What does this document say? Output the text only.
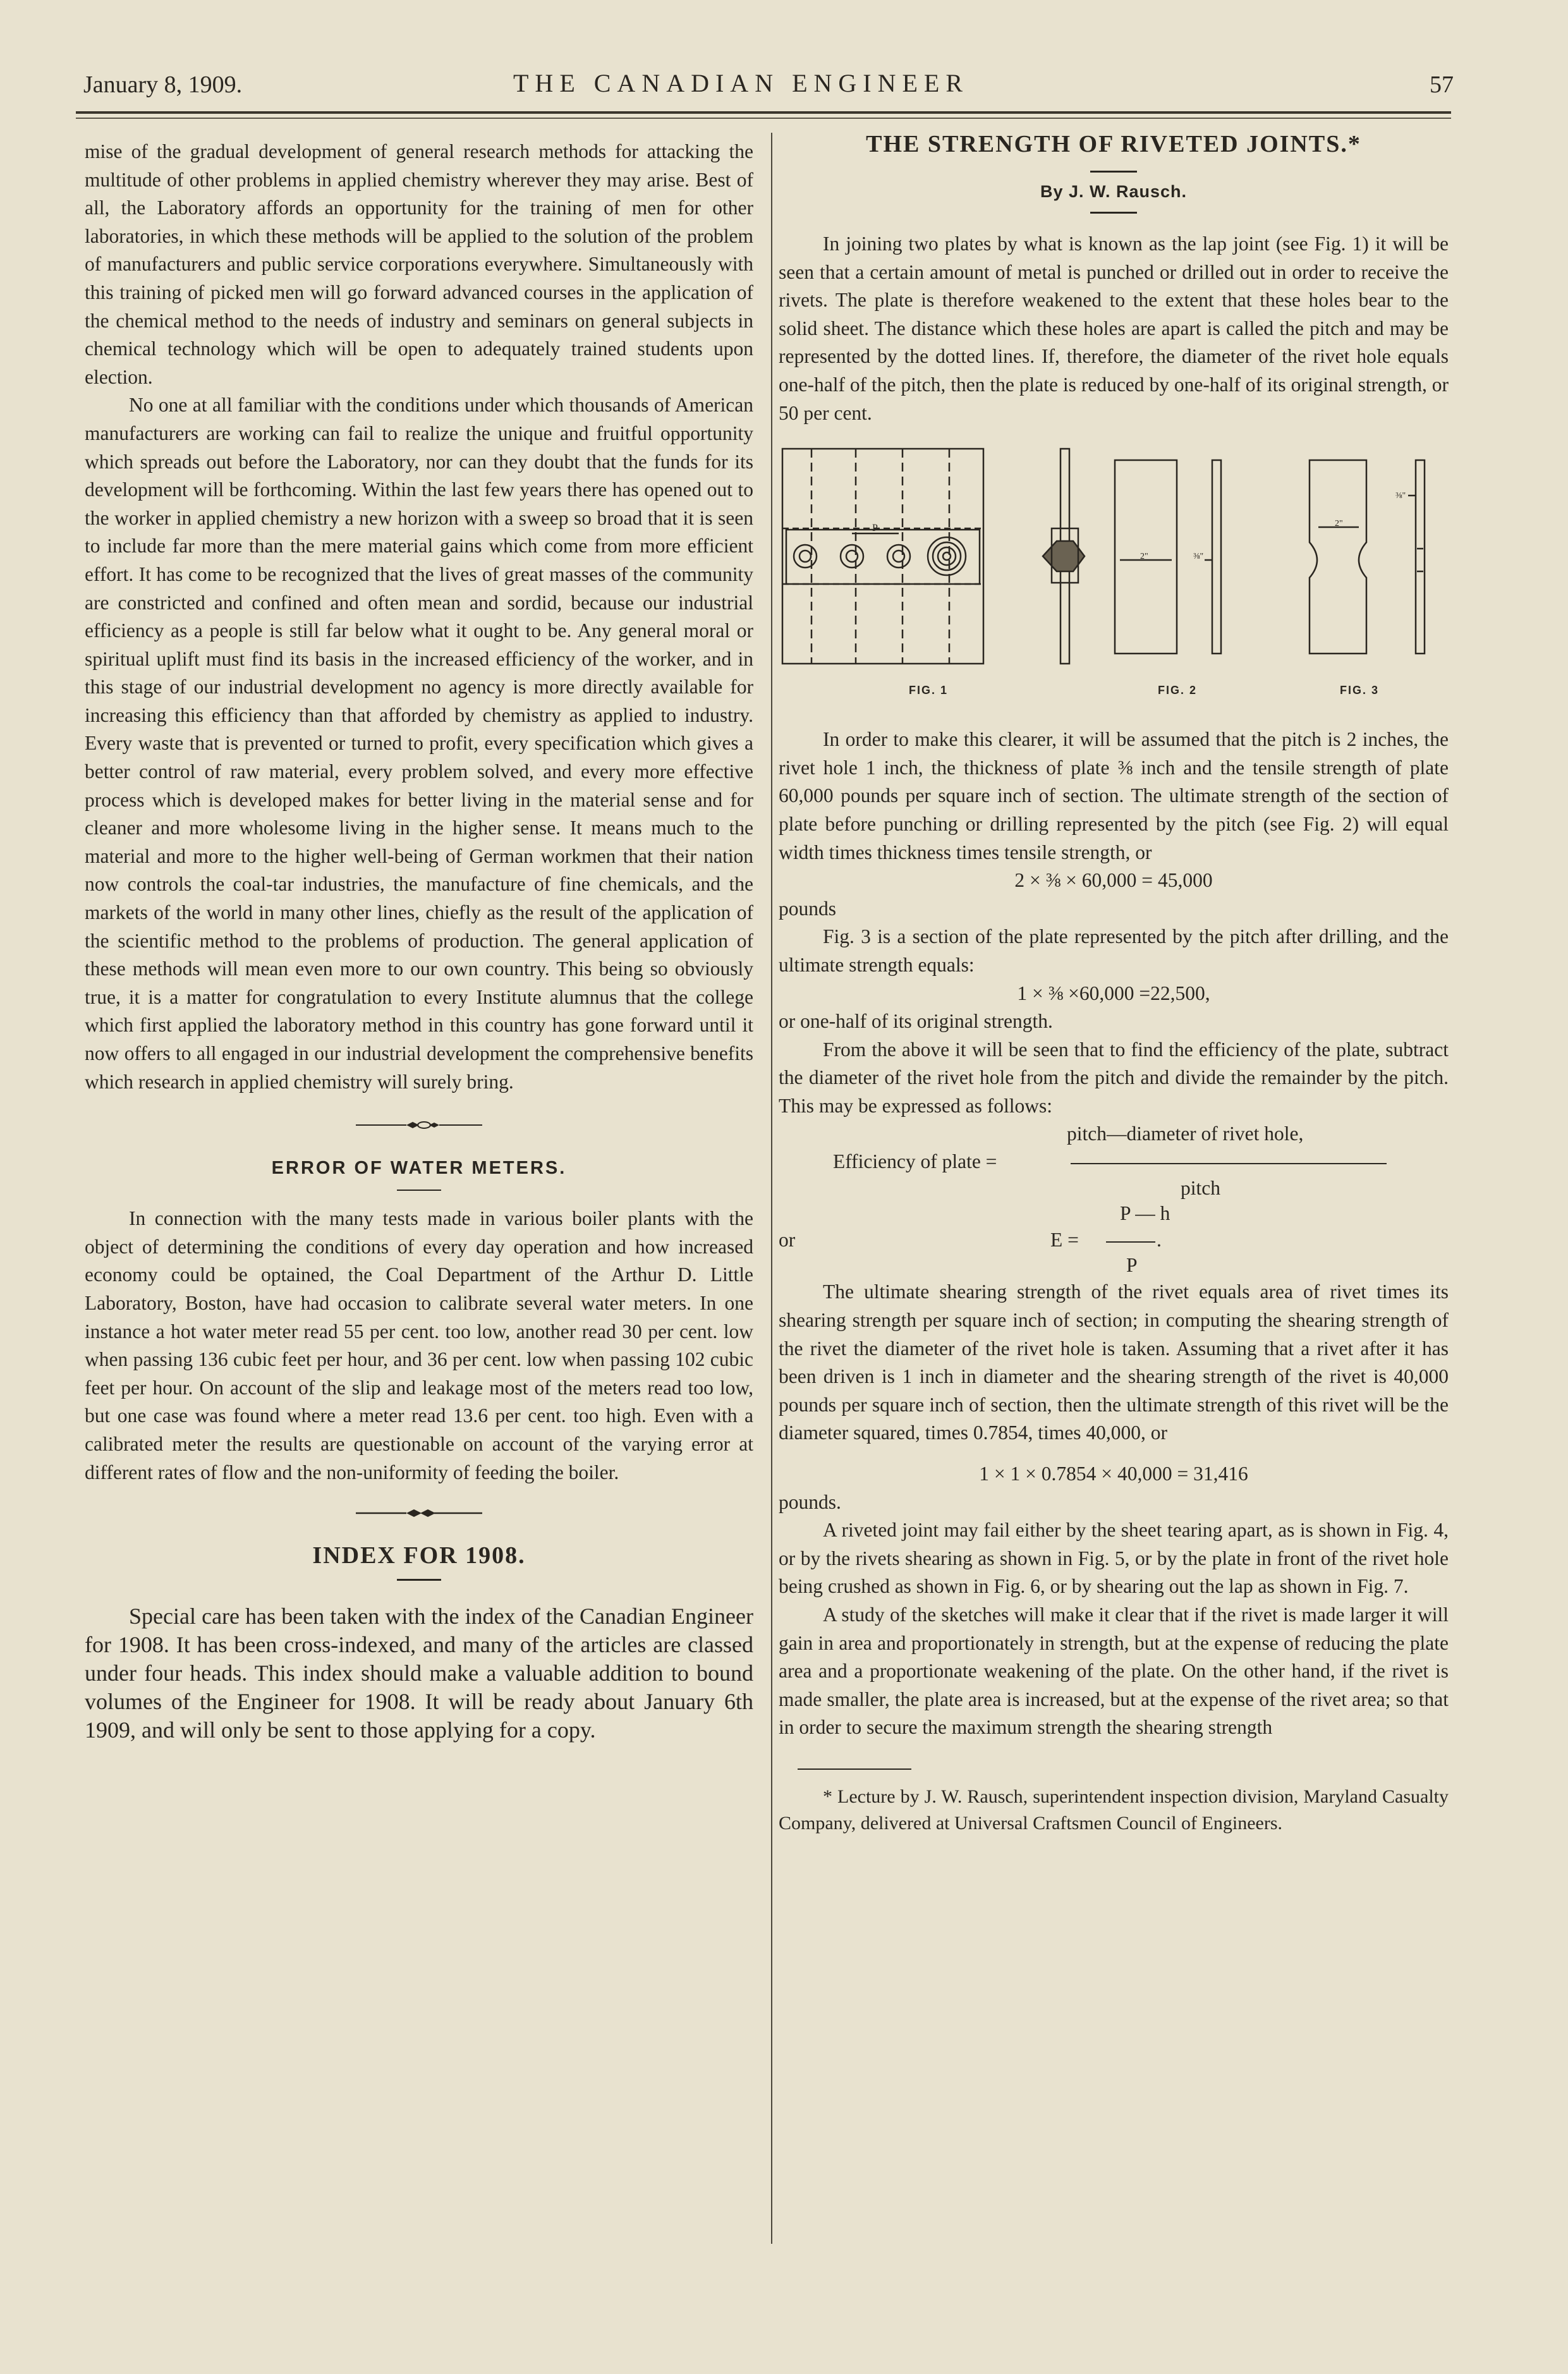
January 8, 1909.	THE CANADIAN ENGINEER	57

mise of the gradual development of general research methods for attacking the multitude of other problems in applied chemistry wherever they may arise. Best of all, the Laboratory affords an opportunity for the training of men for other laboratories, in which these methods will be applied to the solution of the problem of manufacturers and public service corporations everywhere. Simultaneously with this training of picked men will go forward advanced courses in the application of the chemical method to the needs of industry and seminars on general subjects in chemical technology which will be open to adequately trained students upon election.

No one at all familiar with the conditions under which thousands of American manufacturers are working can fail to realize the unique and fruitful opportunity which spreads out before the Laboratory, nor can they doubt that the funds for its development will be forthcoming. Within the last few years there has opened out to the worker in applied chemistry a new horizon with a sweep so broad that it is seen to include far more than the mere material gains which come from more efficient effort. It has come to be recognized that the lives of great masses of the community are constricted and confined and often mean and sordid, because our industrial efficiency as a people is still far below what it ought to be. Any general moral or spiritual uplift must find its basis in the increased efficiency of the worker, and in this stage of our industrial development no agency is more directly available for increasing this efficiency than that afforded by chemistry as applied to industry. Every waste that is prevented or turned to profit, every specification which gives a better control of raw material, every problem solved, and every more effective process which is developed makes for better living in the material sense and for cleaner and more wholesome living in the higher sense. It means much to the material and more to the higher well-being of German workmen that their nation now controls the coal-tar industries, the manufacture of fine chemicals, and the markets of the world in many other lines, chiefly as the result of the application of the scientific method to the problems of production. The general application of these methods will mean even more to our own country. This being so obviously true, it is a matter for congratulation to every Institute alumnus that the college which first applied the laboratory method in this country has gone forward until it now offers to all engaged in our industrial development the comprehensive benefits which research in applied chemistry will surely bring.

ERROR OF WATER METERS.

In connection with the many tests made in various boiler plants with the object of determining the conditions of every day operation and how increased economy could be optained, the Coal Department of the Arthur D. Little Laboratory, Boston, have had occasion to calibrate several water meters. In one instance a hot water meter read 55 per cent. too low, another read 30 per cent. low when passing 136 cubic feet per hour, and 36 per cent. low when passing 102 cubic feet per hour. On account of the slip and leakage most of the meters read too low, but one case was found where a meter read 13.6 per cent. too high. Even with a calibrated meter the results are questionable on account of the varying error at different rates of flow and the non-uniformity of feeding the boiler.

INDEX FOR 1908.

Special care has been taken with the index of the Canadian Engineer for 1908. It has been cross-indexed, and many of the articles are classed under four heads. This index should make a valuable addition to bound volumes of the Engineer for 1908. It will be ready about January 6th 1909, and will only be sent to those applying for a copy.

THE STRENGTH OF RIVETED JOINTS.*
By J. W. Rausch.

In joining two plates by what is known as the lap joint (see Fig. 1) it will be seen that a certain amount of metal is punched or drilled out in order to receive the rivets. The plate is therefore weakened to the extent that these holes bear to the solid sheet. The distance which these holes are apart is called the pitch and may be represented by the dotted lines. If, therefore, the diameter of the rivet hole equals one-half of the pitch, then the plate is reduced by one-half of its original strength, or 50 per cent.

P
2"	⅜"
2"
⅜"
FIG. 1	FIG. 2	FIG. 3

In order to make this clearer, it will be assumed that the pitch is 2 inches, the rivet hole 1 inch, the thickness of plate ⅜ inch and the tensile strength of plate 60,000 pounds per square inch of section. The ultimate strength of the section of plate before punching or drilling represented by the pitch (see Fig. 2) will equal width times thickness times tensile strength, or

2 × ⅜ × 60,000 = 45,000

pounds

Fig. 3 is a section of the plate represented by the pitch after drilling, and the ultimate strength equals:

1 × ⅜ ×60,000 =22,500,

or one-half of its original strength.

From the above it will be seen that to find the efficiency of the plate, subtract the diameter of the rivet hole from the pitch and divide the remainder by the pitch. This may be expressed as follows:

pitch—diameter of rivet hole,
Efficiency of plate =
pitch
P — h
or	E =	.
P

The ultimate shearing strength of the rivet equals area of rivet times its shearing strength per square inch of section; in computing the shearing strength of the rivet the diameter of the rivet hole is taken. Assuming that a rivet after it has been driven is 1 inch in diameter and the shearing strength of the rivet is 40,000 pounds per square inch of section, then the ultimate strength of this rivet will be the diameter squared, times 0.7854, times 40,000, or

1 × 1 × 0.7854 × 40,000 = 31,416

pounds.

A riveted joint may fail either by the sheet tearing apart, as is shown in Fig. 4, or by the rivets shearing as shown in Fig. 5, or by the plate in front of the rivet hole being crushed as shown in Fig. 6, or by shearing out the lap as shown in Fig. 7.

A study of the sketches will make it clear that if the rivet is made larger it will gain in area and proportionately in strength, but at the expense of reducing the plate area and a proportionate weakening of the plate. On the other hand, if the rivet is made smaller, the plate area is increased, but at the expense of the rivet area; so that in order to secure the maximum strength the shearing strength

* Lecture by J. W. Rausch, superintendent inspection division, Maryland Casualty Company, delivered at Universal Craftsmen Council of Engineers.
